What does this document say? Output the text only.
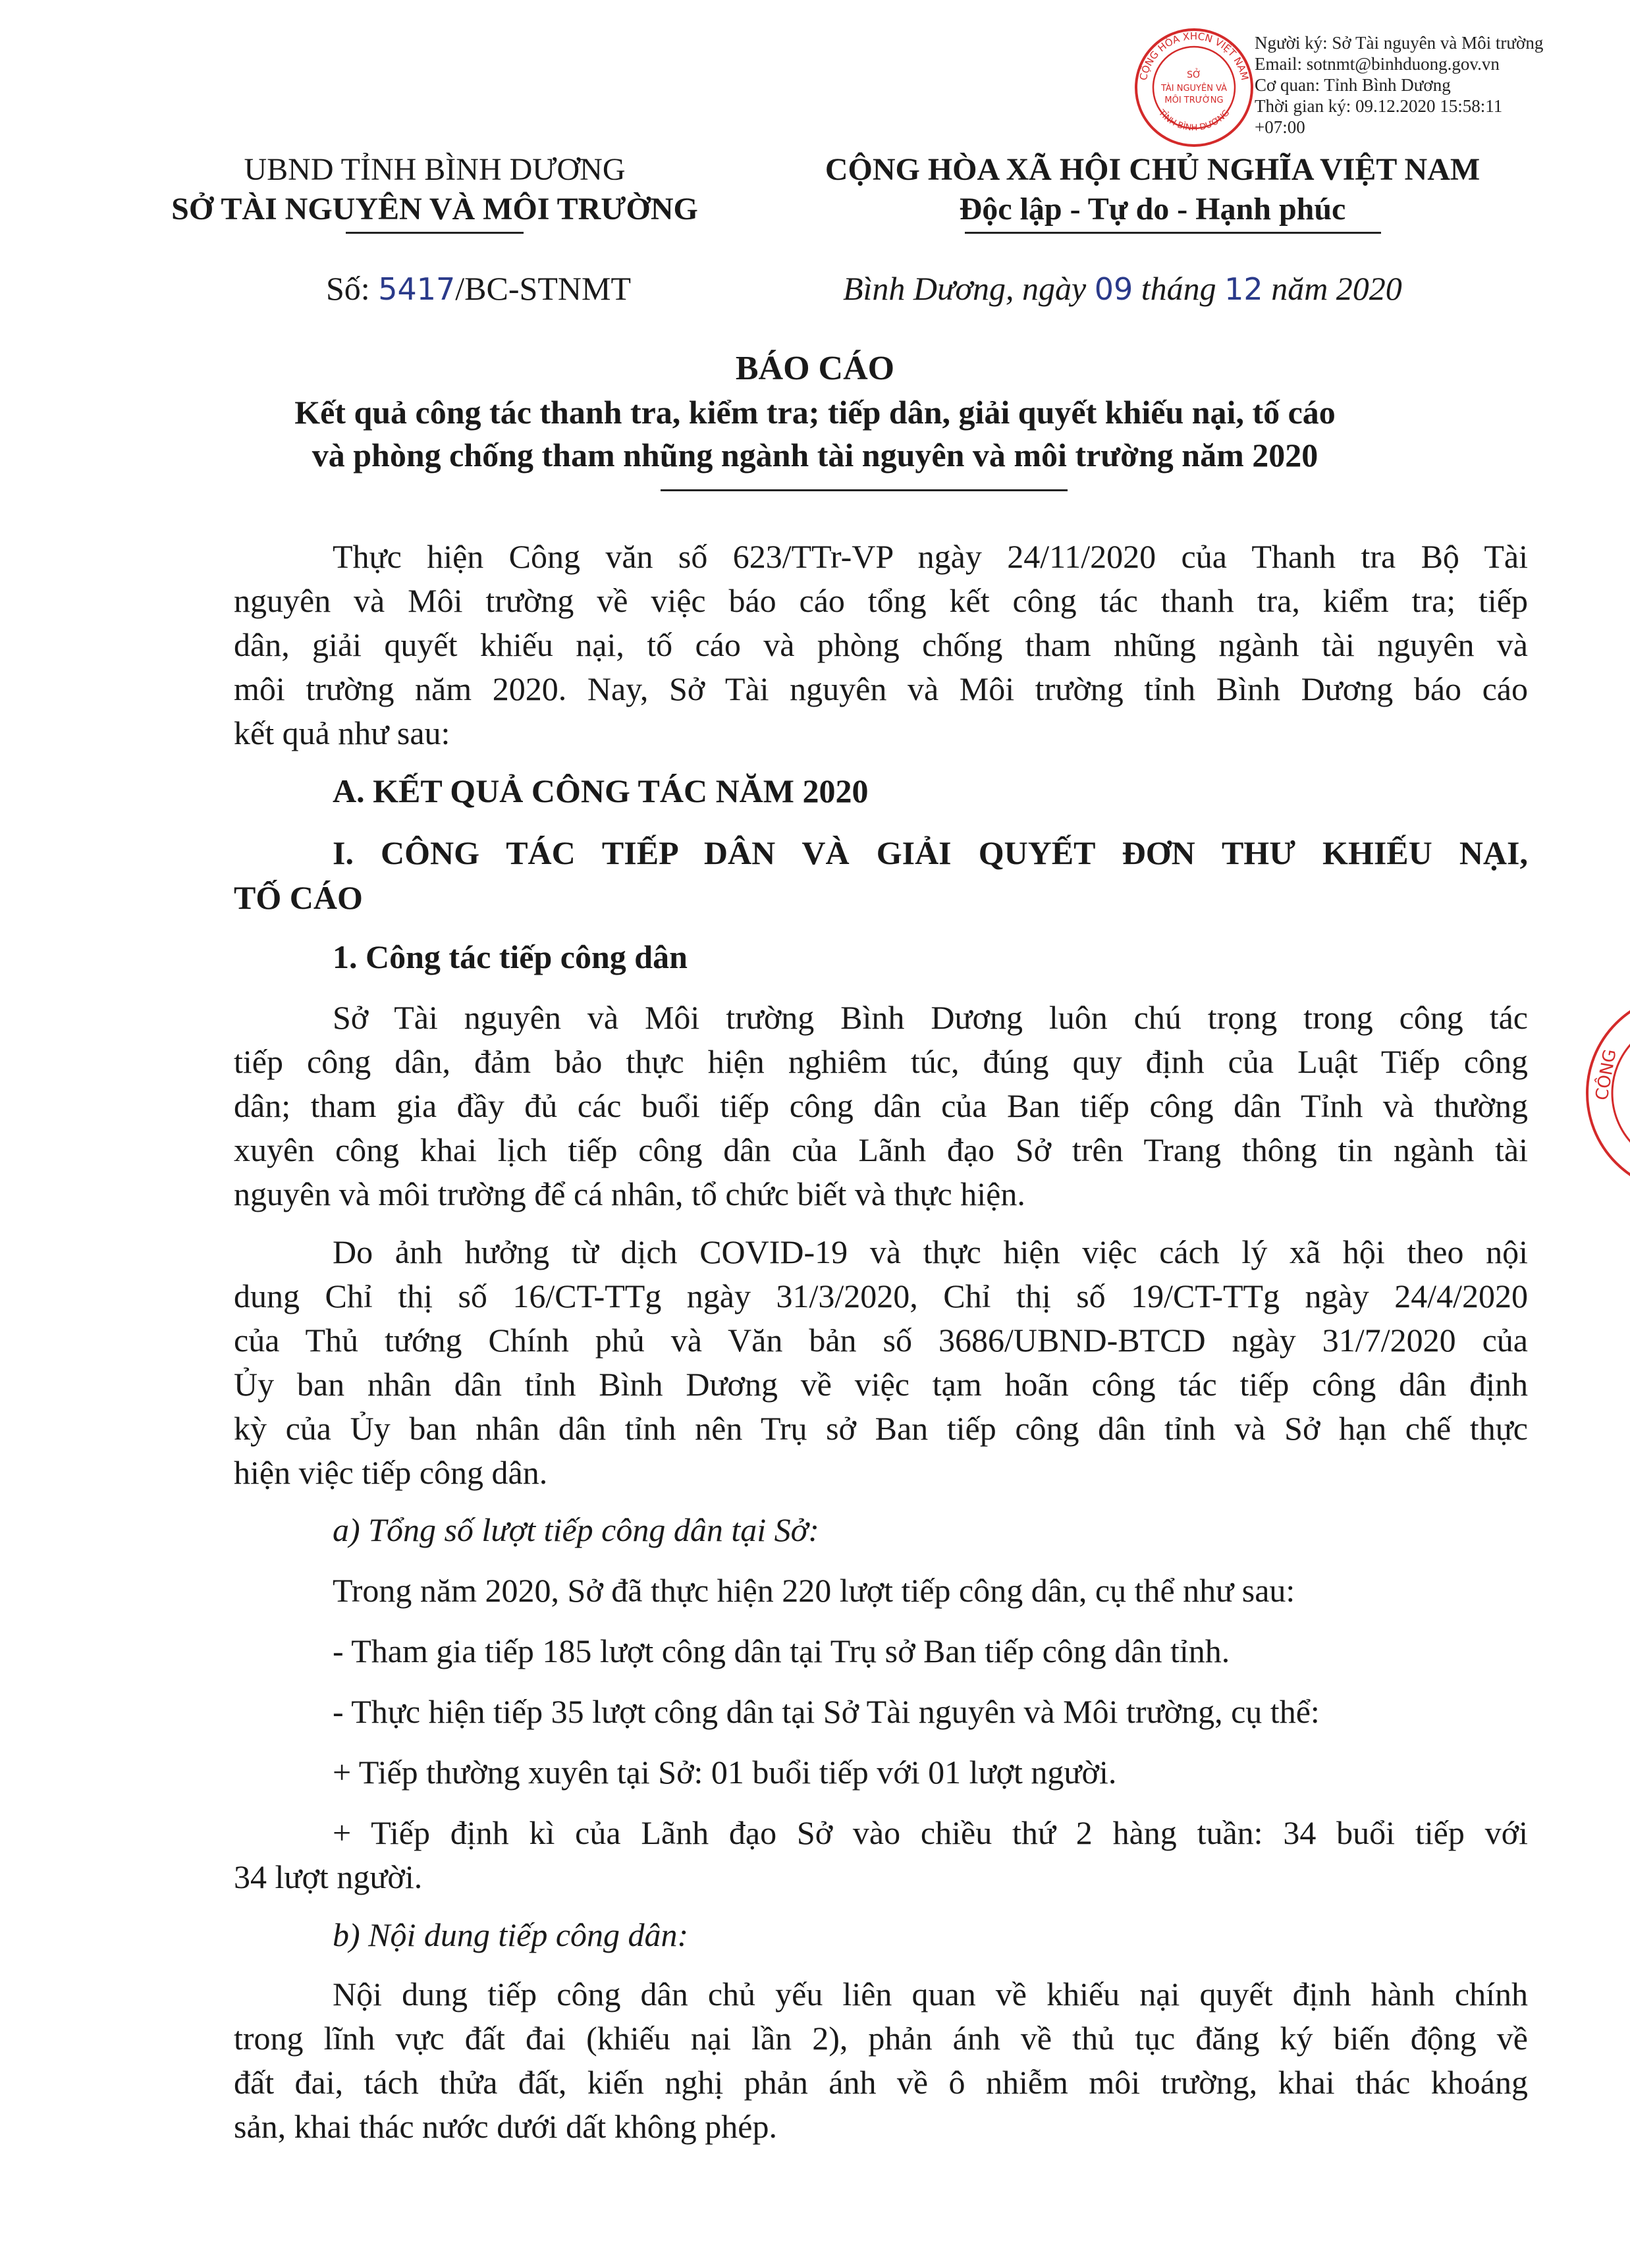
CỘNG HÒA XHCN VIỆT NAM
SỞ
TÀI NGUYÊN VÀ
MÔI TRƯỜNG
TỈNH BÌNH DƯƠNG
Người ký: Sở Tài nguyên và Môi trường
Email: sotnmt@binhduong.gov.vn
Cơ quan: Tỉnh Bình Dương
Thời gian ký: 09.12.2020 15:58:11
+07:00
UBND TỈNH BÌNH DƯƠNG
SỞ TÀI NGUYÊN VÀ MÔI TRƯỜNG
CỘNG HÒA XÃ HỘI CHỦ NGHĨA VIỆT NAM
Độc lập - Tự do - Hạnh phúc
Số: 5417/BC-STNMT	Bình Dương, ngày 09 tháng 12 năm 2020
BÁO CÁO
Kết quả công tác thanh tra, kiểm tra; tiếp dân, giải quyết khiếu nại, tố cáo
và phòng chống tham nhũng ngành tài nguyên và môi trường năm 2020
Thực hiện Công văn số 623/TTr-VP ngày 24/11/2020 của Thanh tra Bộ Tài
nguyên và Môi trường về việc báo cáo tổng kết công tác thanh tra, kiểm tra; tiếp
dân, giải quyết khiếu nại, tố cáo và phòng chống tham nhũng ngành tài nguyên và
môi trường năm 2020. Nay, Sở Tài nguyên và Môi trường tỉnh Bình Dương báo cáo
kết quả như sau:
A. KẾT QUẢ CÔNG TÁC NĂM 2020
I. CÔNG TÁC TIẾP DÂN VÀ GIẢI QUYẾT ĐƠN THƯ KHIẾU NẠI,
TỐ CÁO
1. Công tác tiếp công dân
Sở Tài nguyên và Môi trường Bình Dương luôn chú trọng trong công tác
tiếp công dân, đảm bảo thực hiện nghiêm túc, đúng quy định của Luật Tiếp công
dân; tham gia đầy đủ các buổi tiếp công dân của Ban tiếp công dân Tỉnh và thường
xuyên công khai lịch tiếp công dân của Lãnh đạo Sở trên Trang thông tin ngành tài
nguyên và môi trường để cá nhân, tổ chức biết và thực hiện.
Do ảnh hưởng từ dịch COVID-19 và thực hiện việc cách lý xã hội theo nội
dung Chỉ thị số 16/CT-TTg ngày 31/3/2020, Chỉ thị số 19/CT-TTg ngày 24/4/2020
của Thủ tướng Chính phủ và Văn bản số 3686/UBND-BTCD ngày 31/7/2020 của
Ủy ban nhân dân tỉnh Bình Dương về việc tạm hoãn công tác tiếp công dân định
kỳ của Ủy ban nhân dân tỉnh nên Trụ sở Ban tiếp công dân tỉnh và Sở hạn chế thực
hiện việc tiếp công dân.
a) Tổng số lượt tiếp công dân tại Sở:
Trong năm 2020, Sở đã thực hiện 220 lượt tiếp công dân, cụ thể như sau:
- Tham gia tiếp 185 lượt công dân tại Trụ sở Ban tiếp công dân tỉnh.
- Thực hiện tiếp 35 lượt công dân tại Sở Tài nguyên và Môi trường, cụ thể:
+ Tiếp thường xuyên tại Sở: 01 buổi tiếp với 01 lượt người.
+ Tiếp định kì của Lãnh đạo Sở vào chiều thứ 2 hàng tuần: 34 buổi tiếp với
34 lượt người.
b) Nội dung tiếp công dân:
Nội dung tiếp công dân chủ yếu liên quan về khiếu nại quyết định hành chính
trong lĩnh vực đất đai (khiếu nại lần 2), phản ánh về thủ tục đăng ký biến động về
đất đai, tách thửa đất, kiến nghị phản ánh về ô nhiễm môi trường, khai thác khoáng
sản, khai thác nước dưới dất không phép.
CÔNG
